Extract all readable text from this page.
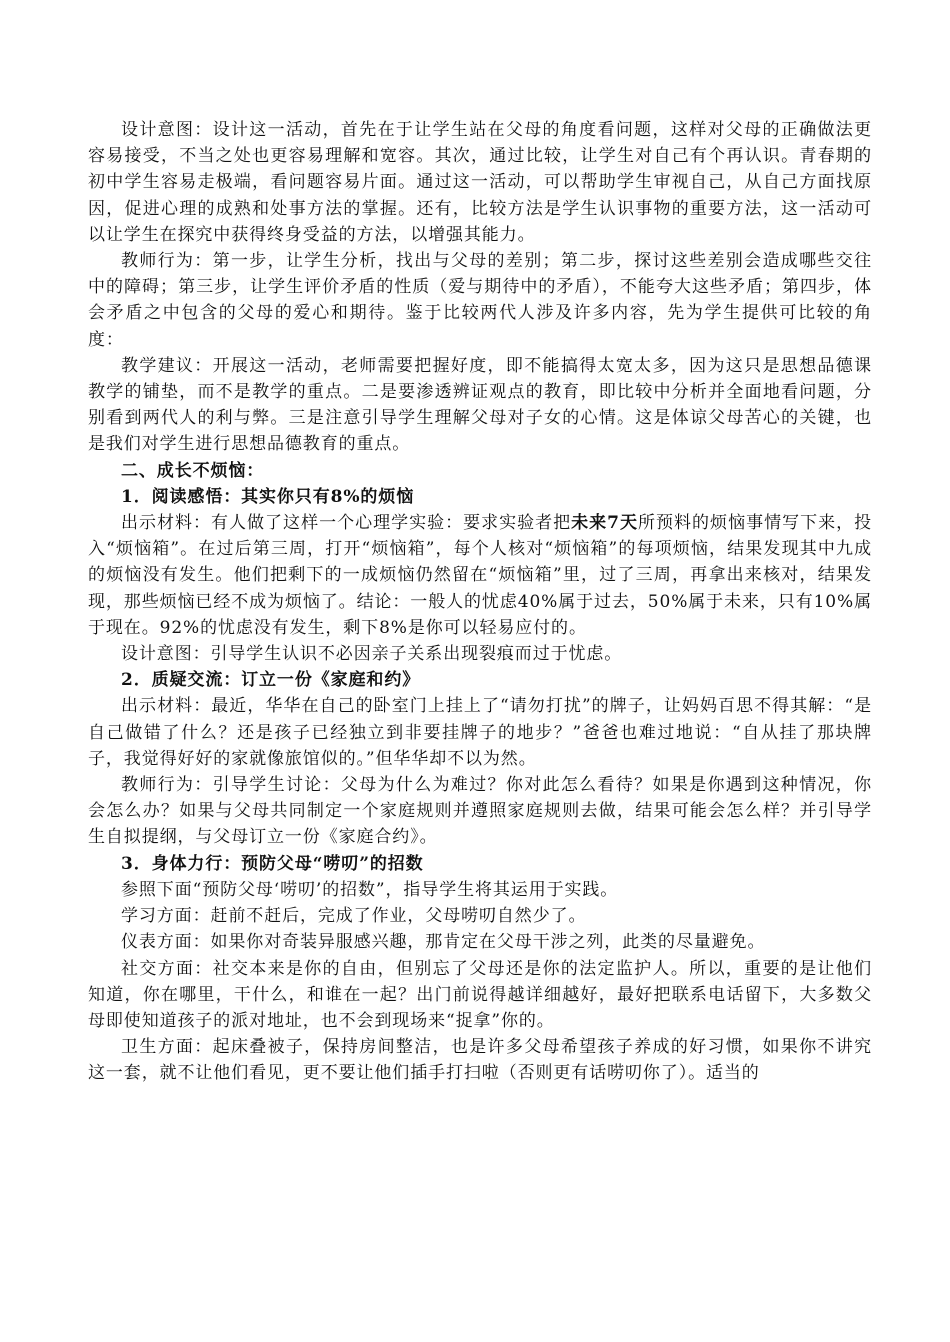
设计意图：设计这一活动，首先在于让学生站在父母的角度看问题，这样对父母的正确做法更容易接受，不当之处也更容易理解和宽容。其次，通过比较，让学生对自己有个再认识。青春期的初中学生容易走极端，看问题容易片面。通过这一活动，可以帮助学生审视自己，从自己方面找原因，促进心理的成熟和处事方法的掌握。还有，比较方法是学生认识事物的重要方法，这一活动可以让学生在探究中获得终身受益的方法，以增强其能力。

教师行为：第一步，让学生分析，找出与父母的差别；第二步，探讨这些差别会造成哪些交往中的障碍；第三步，让学生评价矛盾的性质（爱与期待中的矛盾），不能夸大这些矛盾；第四步，体会矛盾之中包含的父母的爱心和期待。鉴于比较两代人涉及许多内容，先为学生提供可比较的角度：

教学建议：开展这一活动，老师需要把握好度，即不能搞得太宽太多，因为这只是思想品德课教学的铺垫，而不是教学的重点。二是要渗透辨证观点的教育，即比较中分析并全面地看问题，分别看到两代人的利与弊。三是注意引导学生理解父母对子女的心情。这是体谅父母苦心的关键，也是我们对学生进行思想品德教育的重点。

二、成长不烦恼：

1．阅读感悟：其实你只有8%的烦恼

出示材料：有人做了这样一个心理学实验：要求实验者把未来7天所预料的烦恼事情写下来，投入“烦恼箱”。在过后第三周，打开“烦恼箱”，每个人核对“烦恼箱”的每项烦恼，结果发现其中九成的烦恼没有发生。他们把剩下的一成烦恼仍然留在“烦恼箱”里，过了三周，再拿出来核对，结果发现，那些烦恼已经不成为烦恼了。结论：一般人的忧虑40%属于过去，50%属于未来，只有10%属于现在。92%的忧虑没有发生，剩下8%是你可以轻易应付的。

设计意图：引导学生认识不必因亲子关系出现裂痕而过于忧虑。

2．质疑交流：订立一份《家庭和约》

出示材料：最近，华华在自己的卧室门上挂上了“请勿打扰”的牌子，让妈妈百思不得其解：“是自己做错了什么？还是孩子已经独立到非要挂牌子的地步？”爸爸也难过地说：“自从挂了那块牌子，我觉得好好的家就像旅馆似的。”但华华却不以为然。

教师行为：引导学生讨论：父母为什么为难过？你对此怎么看待？如果是你遇到这种情况，你会怎么办？如果与父母共同制定一个家庭规则并遵照家庭规则去做，结果可能会怎么样？并引导学生自拟提纲，与父母订立一份《家庭合约》。

3．身体力行：预防父母“唠叨”的招数

参照下面“预防父母‘唠叨’的招数”，指导学生将其运用于实践。

学习方面：赶前不赶后，完成了作业，父母唠叨自然少了。

仪表方面：如果你对奇装异服感兴趣，那肯定在父母干涉之列，此类的尽量避免。

社交方面：社交本来是你的自由，但别忘了父母还是你的法定监护人。所以，重要的是让他们知道，你在哪里，干什么，和谁在一起？出门前说得越详细越好，最好把联系电话留下，大多数父母即使知道孩子的派对地址，也不会到现场来“捉拿”你的。

卫生方面：起床叠被子，保持房间整洁，也是许多父母希望孩子养成的好习惯，如果你不讲究这一套，就不让他们看见，更不要让他们插手打扫啦（否则更有话唠叨你了）。适当的
